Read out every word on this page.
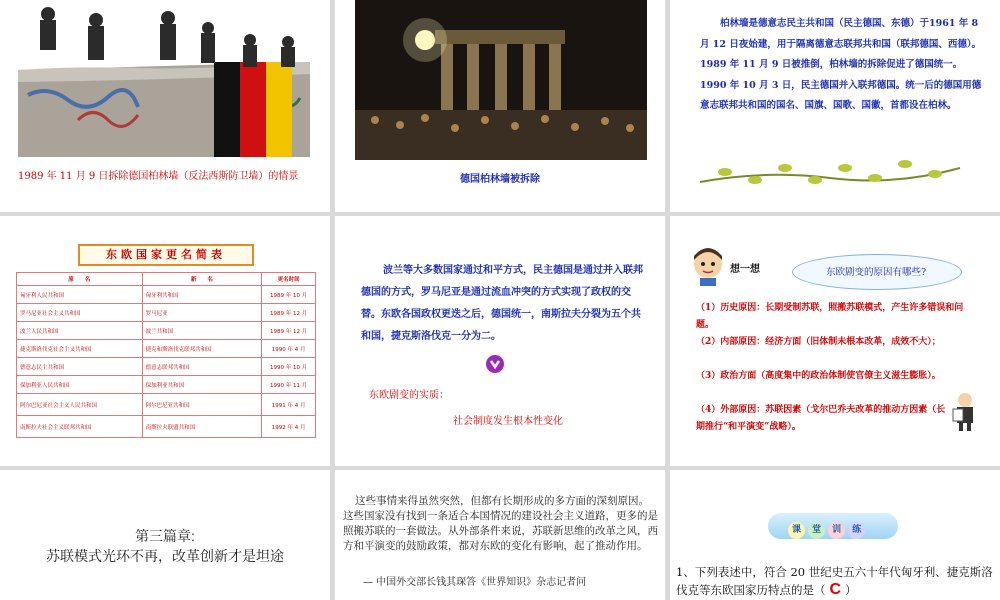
1989 年 11 月 9 日拆除德国柏林墙（反法西斯防卫墙）的情景	德国柏林墙被拆除
柏林墙是德意志民主共和国（民主德国、东德）于1961 年 8 月 12 日夜始建，用于隔离德意志联邦共和国（联邦德国、西德）。1989 年 11 月 9 日被推倒，柏林墙的拆除促进了德国统一。1990 年 10 月 3 日，民主德国并入联邦德国。统一后的德国用德意志联邦共和国的国名、国旗、国歌、国徽，首都设在柏林。
东欧国家更名简表
原　　名	新　　名	更名时间
匈牙利人民共和国	匈牙利共和国	1989 年 10 月
罗马尼亚社会主义共和国	罗马尼亚	1989 年 12 月
波兰人民共和国	波兰共和国	1989 年 12 月
捷克斯洛伐克社会主义共和国	捷克和斯洛伐克联邦共和国	1990 年 4 月
德意志民主共和国	德意志联邦共和国	1990 年 10 月
保加利亚人民共和国	保加利亚共和国	1990 年 11 月
阿尔巴尼亚社会主义人民共和国	阿尔巴尼亚共和国	1991 年 4 月
南斯拉夫社会主义联邦共和国	南斯拉夫联盟共和国	1992 年 4 月
波兰等大多数国家通过和平方式，民主德国是通过并入联邦德国的方式，罗马尼亚是通过流血冲突的方式实现了政权的交替。东欧各国政权更迭之后，德国统一，南斯拉夫分裂为五个共和国，捷克斯洛伐克一分为二。
东欧剧变的实质：
社会制度发生根本性变化
想一想	东欧剧变的原因有哪些?
（1）历史原因：长期受制苏联，照搬苏联模式，产生许多错误和问题。
（2）内部原因：经济方面（旧体制未根本改革，成效不大）；
（3）政治方面（高度集中的政治体制使官僚主义滋生膨胀）。
（4）外部原因：苏联因素（戈尔巴乔夫改革的推动方因素（长期推行“和平演变”战略）。
第三篇章:
苏联模式光环不再，改革创新才是坦途
这些事情来得虽然突然，但都有长期形成的多方面的深刻原因。这些国家没有找到一条适合本国情况的建设社会主义道路，更多的是照搬苏联的一套做法。从外部条件来说，苏联新思维的改革之风，西方和平演变的鼓励政策，都对东欧的变化有影响，起了推动作用。
— 中国外交部长钱其琛答《世界知识》杂志记者问
课 堂 训 练
1、下列表述中，符合 20 世纪史五六十年代匈牙利、捷克斯洛伐克等东欧国家历特点的是（ C ）
